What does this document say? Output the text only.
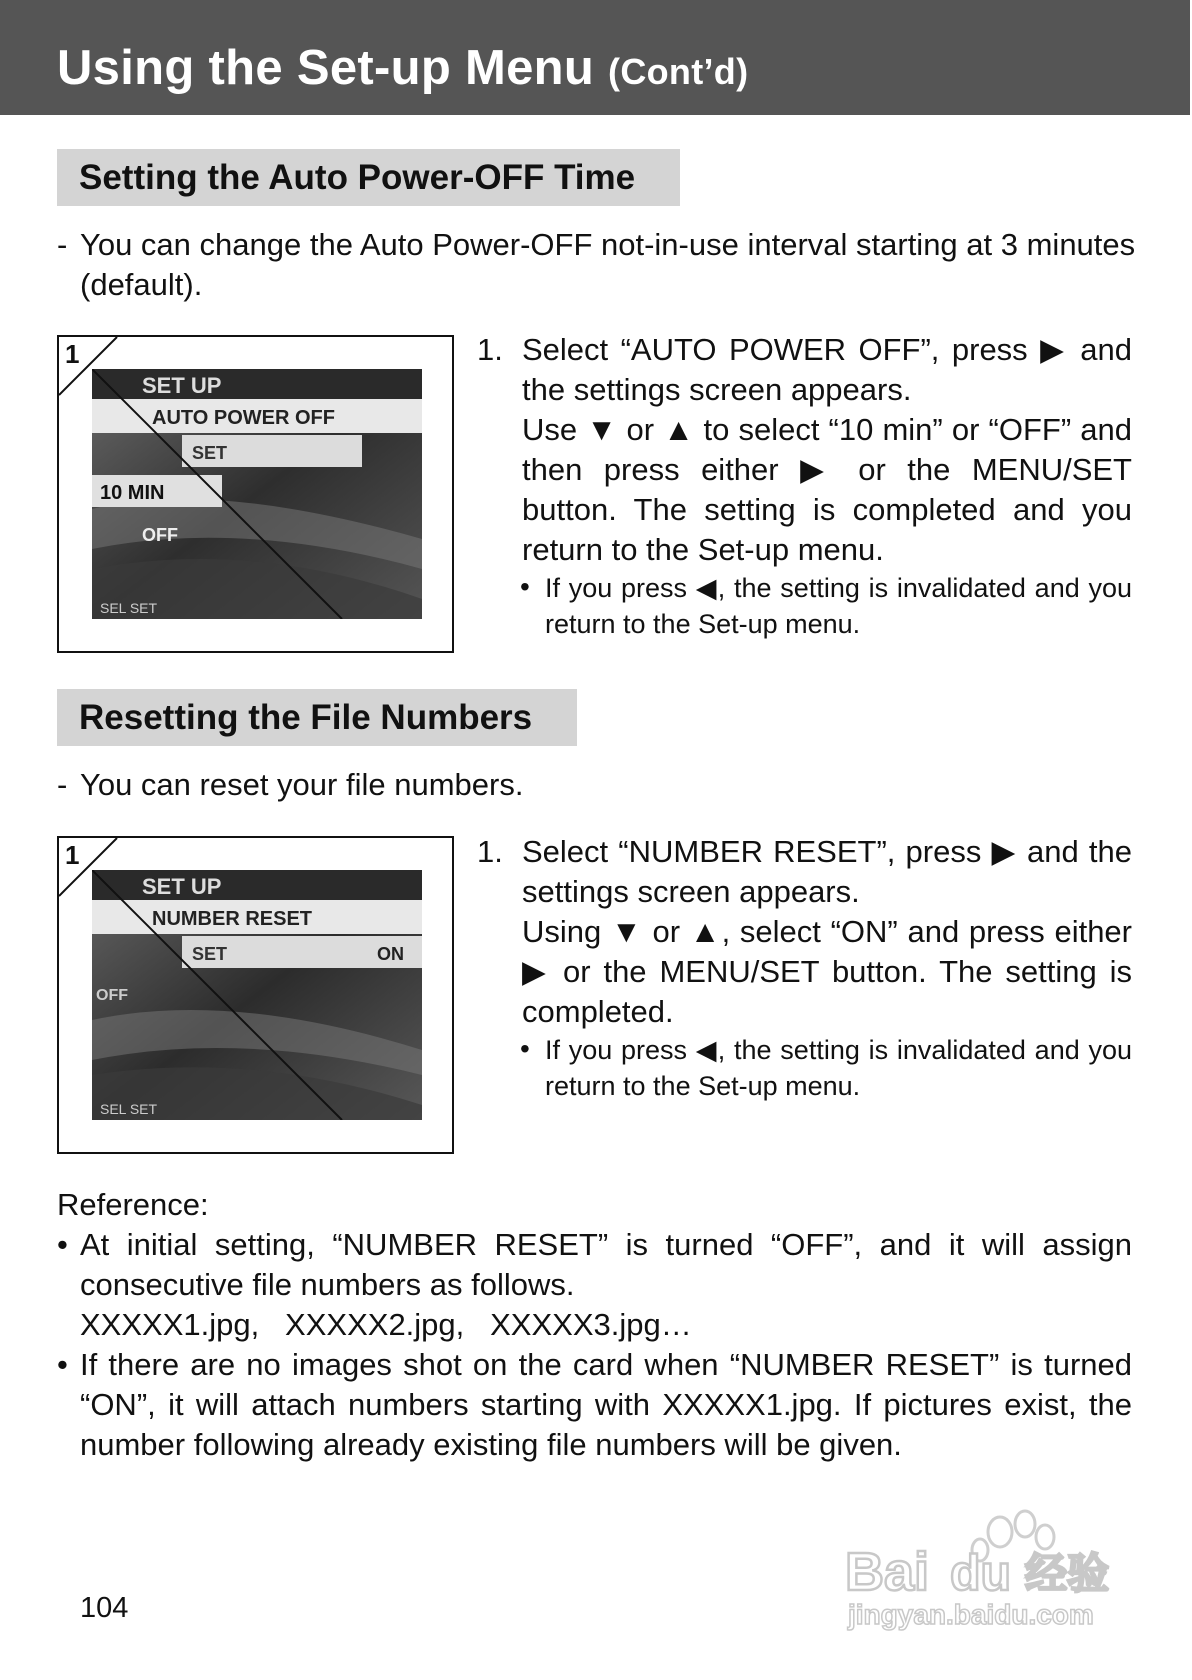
Using the Set-up Menu (Cont’d)
Setting the Auto Power-OFF Time
- You can change the Auto Power-OFF not-in-use interval starting at 3 minutes
(default).
1
SET UP
AUTO POWER OFF
SET
10 MIN
OFF
SEL SET
1. Select “AUTO POWER OFF”, press ▶ and
the settings screen appears.
Use ▼ or ▲ to select “10 min” or “OFF” and
then press either ▶ or the MENU/SET
button. The setting is completed and you
return to the Set-up menu.
• If you press ◀, the setting is invalidated and you
return to the Set-up menu.
Resetting the File Numbers
- You can reset your file numbers.
1
SET UP
NUMBER RESET
SET	ON
OFF
SEL SET
1. Select “NUMBER RESET”, press ▶ and the
settings screen appears.
Using ▼ or ▲, select “ON” and press either
▶ or the MENU/SET button. The setting is
completed.
• If you press ◀, the setting is invalidated and you
return to the Set-up menu.
Reference:
• At initial setting, “NUMBER RESET” is turned “OFF”, and it will assign
consecutive file numbers as follows.
XXXXX1.jpg,   XXXXX2.jpg,   XXXXX3.jpg…
• If there are no images shot on the card when “NUMBER RESET” is turned
“ON”, it will attach numbers starting with XXXXX1.jpg. If pictures exist, the
number following already existing file numbers will be given.
104
Bai du 经验
jingyan.baidu.com
